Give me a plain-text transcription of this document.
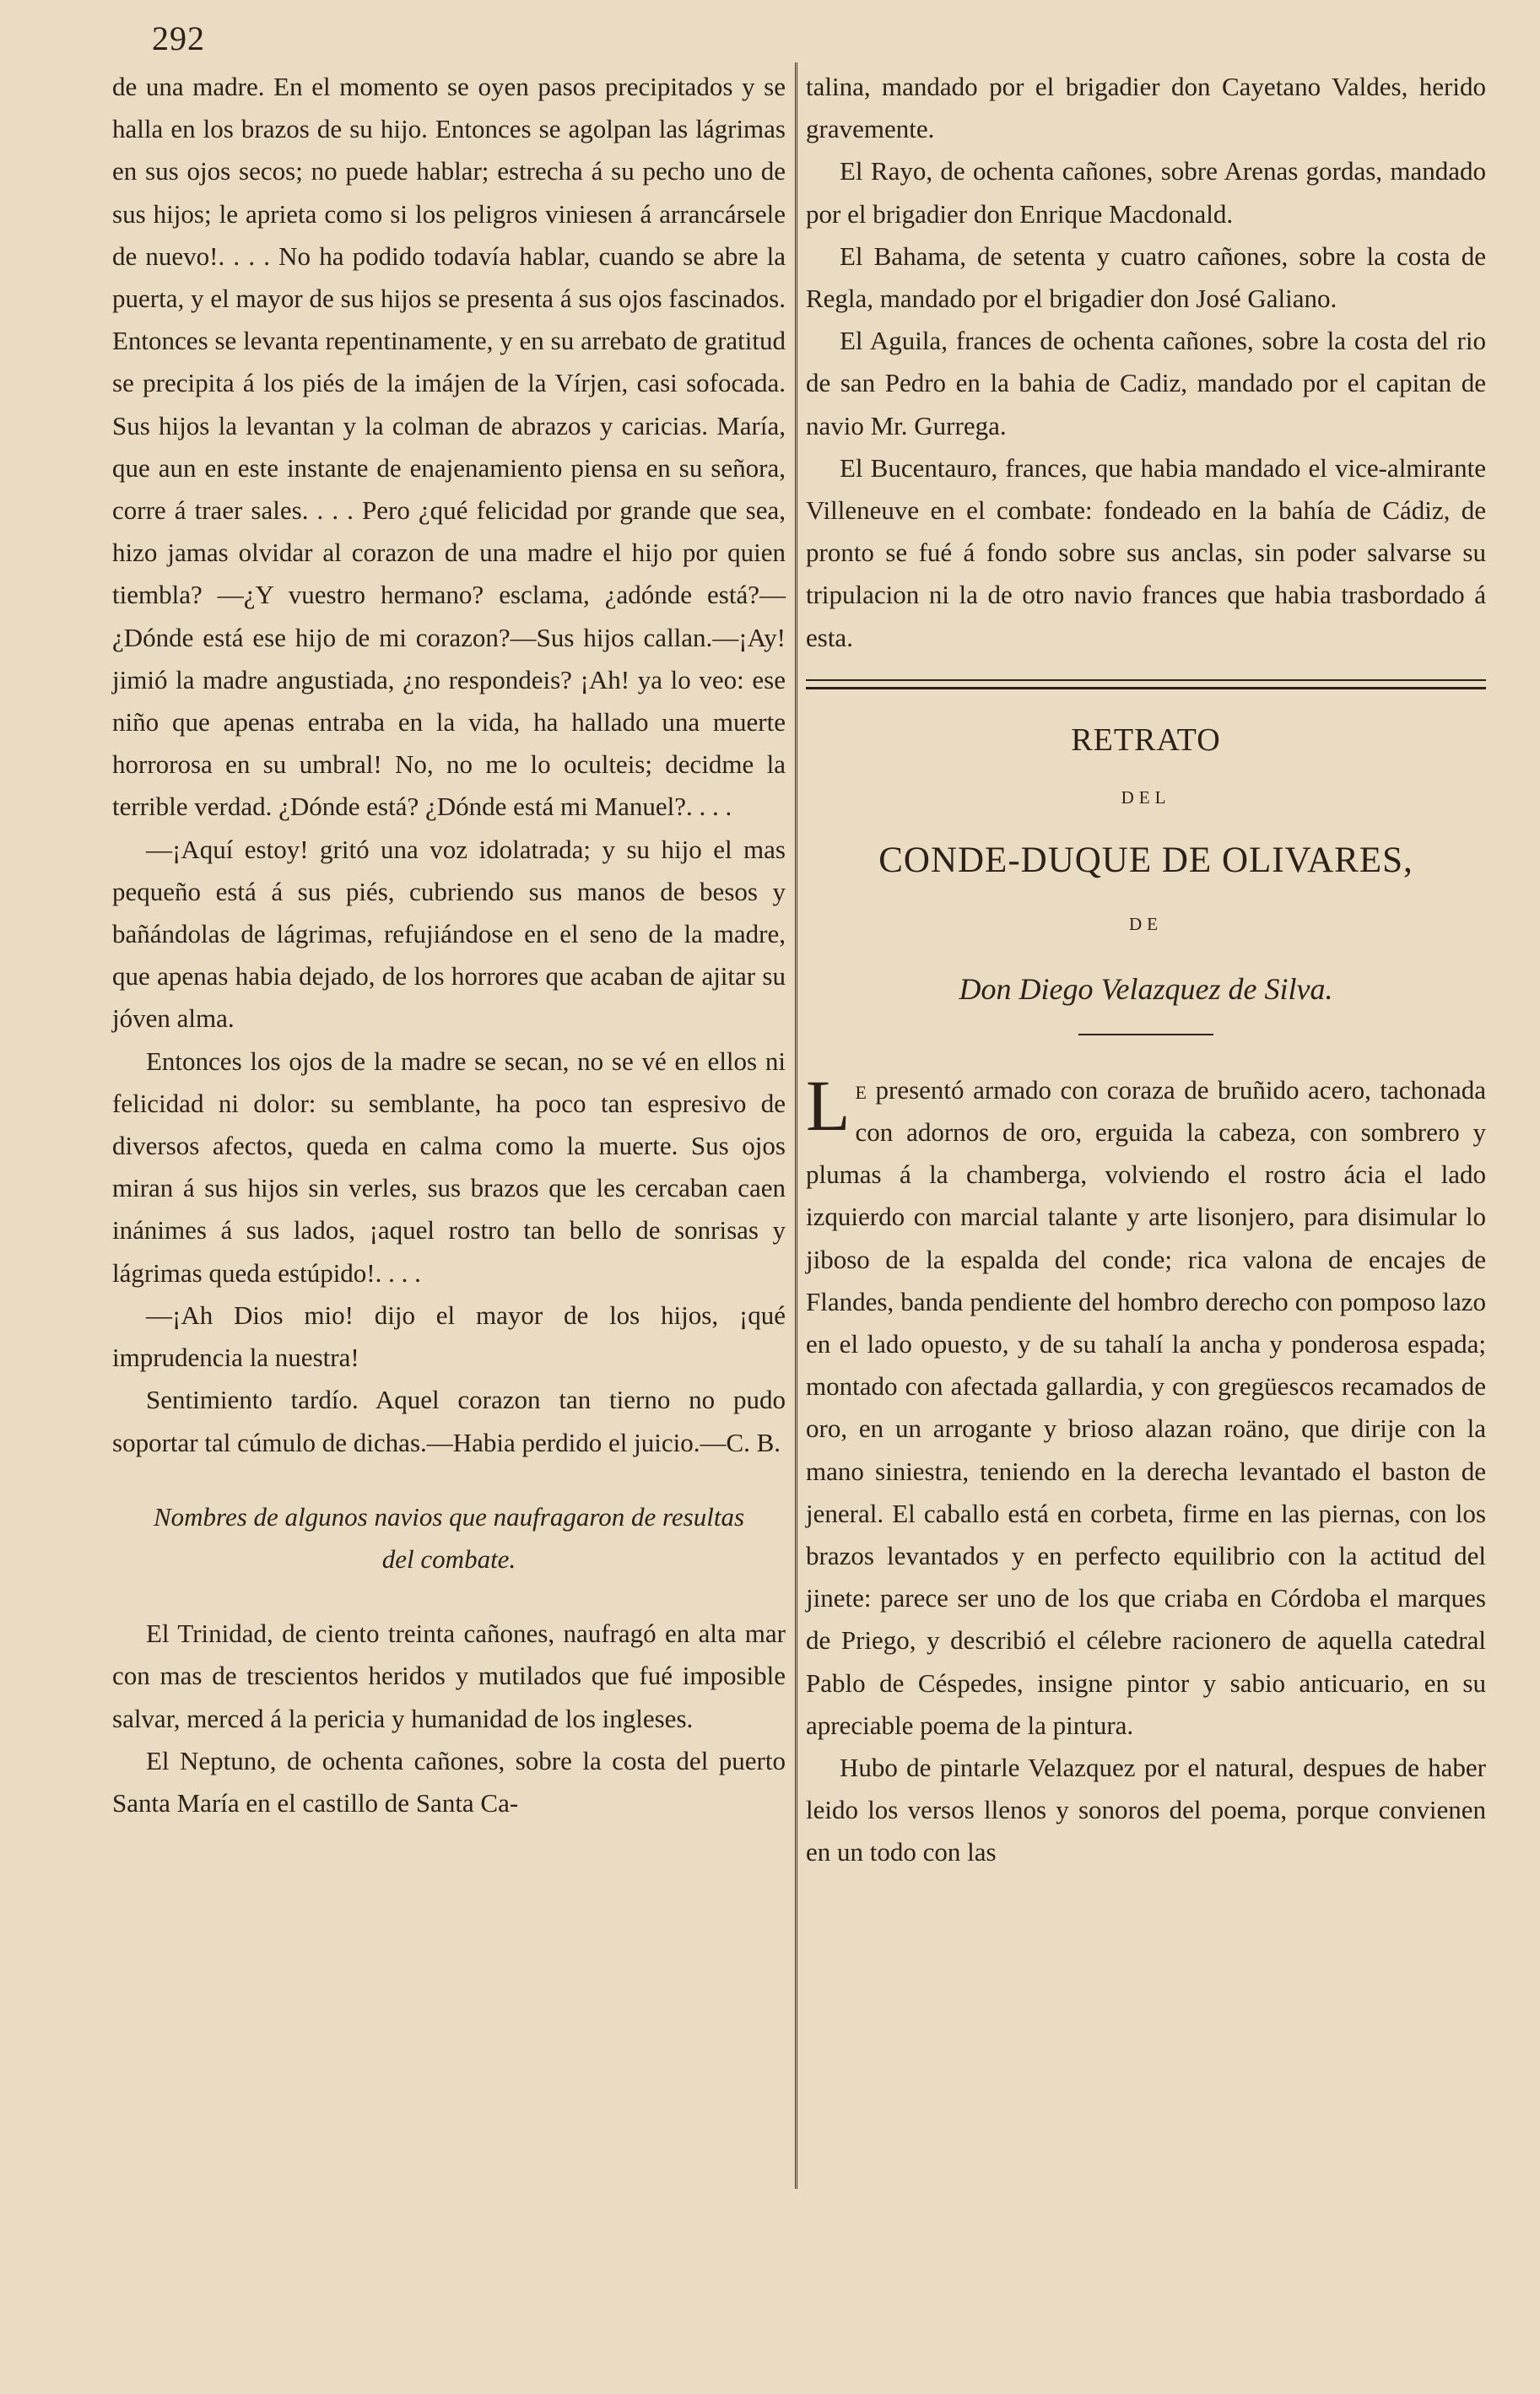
292

de una madre. En el momento se oyen pasos precipitados y se halla en los brazos de su hijo. Entonces se agolpan las lágrimas en sus ojos secos; no puede hablar; estrecha á su pecho uno de sus hijos; le aprieta como si los peligros viniesen á arrancársele de nuevo!. . . . No ha podido todavía hablar, cuando se abre la puerta, y el mayor de sus hijos se presenta á sus ojos fascinados. Entonces se levanta repentinamente, y en su arrebato de gratitud se precipita á los piés de la imájen de la Vírjen, casi sofocada. Sus hijos la levantan y la colman de abrazos y caricias. María, que aun en este instante de enajenamiento piensa en su señora, corre á traer sales. . . . Pero ¿qué felicidad por grande que sea, hizo jamas olvidar al corazon de una madre el hijo por quien tiembla? —¿Y vuestro hermano? esclama, ¿adónde está?— ¿Dónde está ese hijo de mi corazon?—Sus hijos callan.—¡Ay! jimió la madre angustiada, ¿no respondeis? ¡Ah! ya lo veo: ese niño que apenas entraba en la vida, ha hallado una muerte horrorosa en su umbral! No, no me lo oculteis; decidme la terrible verdad. ¿Dónde está? ¿Dónde está mi Manuel?. . . .

—¡Aquí estoy! gritó una voz idolatrada; y su hijo el mas pequeño está á sus piés, cubriendo sus manos de besos y bañándolas de lágrimas, refujiándose en el seno de la madre, que apenas habia dejado, de los horrores que acaban de ajitar su jóven alma.

Entonces los ojos de la madre se secan, no se vé en ellos ni felicidad ni dolor: su semblante, ha poco tan espresivo de diversos afectos, queda en calma como la muerte. Sus ojos miran á sus hijos sin verles, sus brazos que les cercaban caen inánimes á sus lados, ¡aquel rostro tan bello de sonrisas y lágrimas queda estúpido!. . . .

—¡Ah Dios mio! dijo el mayor de los hijos, ¡qué imprudencia la nuestra!

Sentimiento tardío. Aquel corazon tan tierno no pudo soportar tal cúmulo de dichas.—Habia perdido el juicio.—C. B.

Nombres de algunos navios que naufragaron de resultas del combate.

El Trinidad, de ciento treinta cañones, naufragó en alta mar con mas de trescientos heridos y mutilados que fué imposible salvar, merced á la pericia y humanidad de los ingleses.

El Neptuno, de ochenta cañones, sobre la costa del puerto Santa María en el castillo de Santa Ca-

talina, mandado por el brigadier don Cayetano Valdes, herido gravemente.

El Rayo, de ochenta cañones, sobre Arenas gordas, mandado por el brigadier don Enrique Macdonald.

El Bahama, de setenta y cuatro cañones, sobre la costa de Regla, mandado por el brigadier don José Galiano.

El Aguila, frances de ochenta cañones, sobre la costa del rio de san Pedro en la bahia de Cadiz, mandado por el capitan de navio Mr. Gurrega.

El Bucentauro, frances, que habia mandado el vice-almirante Villeneuve en el combate: fondeado en la bahía de Cádiz, de pronto se fué á fondo sobre sus anclas, sin poder salvarse su tripulacion ni la de otro navio frances que habia trasbordado á esta.

RETRATO
DEL
CONDE-DUQUE DE OLIVARES,
DE
Don Diego Velazquez de Silva.

Le presentó armado con coraza de bruñido acero, tachonada con adornos de oro, erguida la cabeza, con sombrero y plumas á la chamberga, volviendo el rostro ácia el lado izquierdo con marcial talante y arte lisonjero, para disimular lo jiboso de la espalda del conde; rica valona de encajes de Flandes, banda pendiente del hombro derecho con pomposo lazo en el lado opuesto, y de su tahalí la ancha y ponderosa espada; montado con afectada gallardia, y con gregüescos recamados de oro, en un arrogante y brioso alazan roäno, que dirije con la mano siniestra, teniendo en la derecha levantado el baston de jeneral. El caballo está en corbeta, firme en las piernas, con los brazos levantados y en perfecto equilibrio con la actitud del jinete: parece ser uno de los que criaba en Córdoba el marques de Priego, y describió el célebre racionero de aquella catedral Pablo de Céspedes, insigne pintor y sabio anticuario, en su apreciable poema de la pintura.

Hubo de pintarle Velazquez por el natural, despues de haber leido los versos llenos y sonoros del poema, porque convienen en un todo con las
